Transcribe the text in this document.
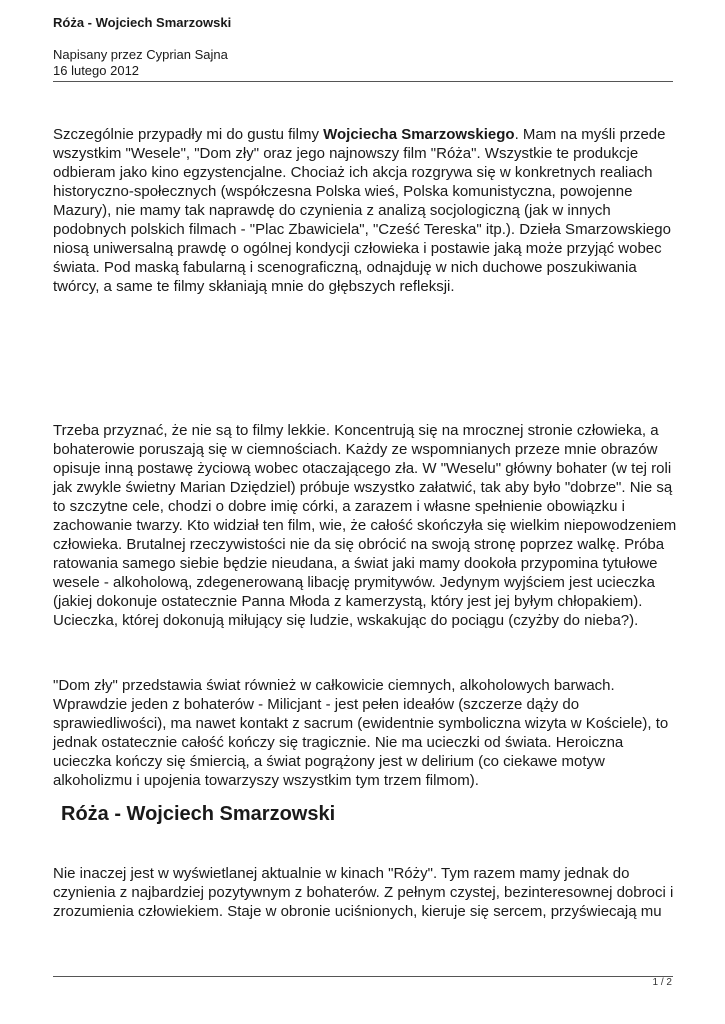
Róża - Wojciech Smarzowski

Napisany przez Cyprian Sajna

16 lutego 2012

Szczególnie przypadły mi do gustu filmy Wojciecha Smarzowskiego. Mam na myśli przede wszystkim "Wesele", "Dom zły" oraz jego najnowszy film "Róża". Wszystkie te produkcje odbieram jako kino egzystencjalne. Chociaż ich akcja rozgrywa się w konkretnych realiach historyczno-społecznych (współczesna Polska wieś, Polska komunistyczna, powojenne Mazury), nie mamy tak naprawdę do czynienia z analizą socjologiczną (jak w innych podobnych polskich filmach - "Plac Zbawiciela", "Cześć Tereska" itp.). Dzieła Smarzowskiego niosą uniwersalną prawdę o ogólnej kondycji człowieka i postawie jaką może przyjąć wobec świata. Pod maską fabularną i scenograficzną, odnajduję w nich duchowe poszukiwania twórcy, a same te filmy skłaniają mnie do głębszych refleksji.

Trzeba przyznać, że nie są to filmy lekkie. Koncentrują się na mrocznej stronie człowieka, a bohaterowie poruszają się w ciemnościach. Każdy ze wspomnianych przeze mnie obrazów opisuje inną postawę życiową wobec otaczającego zła. W "Weselu" główny bohater (w tej roli jak zwykle świetny Marian Dziędziel) próbuje wszystko załatwić, tak aby było "dobrze". Nie są to szczytne cele, chodzi o dobre imię córki, a zarazem i własne spełnienie obowiązku i zachowanie twarzy. Kto widział ten film, wie, że całość skończyła się wielkim niepowodzeniem człowieka. Brutalnej rzeczywistości nie da się obrócić na swoją stronę poprzez walkę. Próba ratowania samego siebie będzie nieudana, a świat jaki mamy dookoła przypomina tytułowe wesele - alkoholową, zdegenerowaną libację prymitywów. Jedynym wyjściem jest ucieczka (jakiej dokonuje ostatecznie Panna Młoda z kamerzystą, który jest jej byłym chłopakiem). Ucieczka, której dokonują miłujący się ludzie, wskakując do pociągu (czyżby do nieba?).

"Dom zły" przedstawia świat również w całkowicie ciemnych, alkoholowych barwach. Wprawdzie jeden z bohaterów - Milicjant - jest pełen ideałów (szczerze dąży do sprawiedliwości), ma nawet kontakt z sacrum (ewidentnie symboliczna wizyta w Kościele), to jednak ostatecznie całość kończy się tragicznie. Nie ma ucieczki od świata. Heroiczna ucieczka kończy się śmiercią, a świat pogrążony jest w delirium (co ciekawe motyw alkoholizmu i upojenia towarzyszy wszystkim tym trzem filmom).

Róża - Wojciech Smarzowski

Nie inaczej jest w wyświetlanej aktualnie w kinach "Róży". Tym razem mamy jednak do czynienia z najbardziej pozytywnym z bohaterów. Z pełnym czystej, bezinteresownej dobroci i zrozumienia człowiekiem. Staje w obronie uciśnionych, kieruje się sercem, przyświecają mu

1 / 2
